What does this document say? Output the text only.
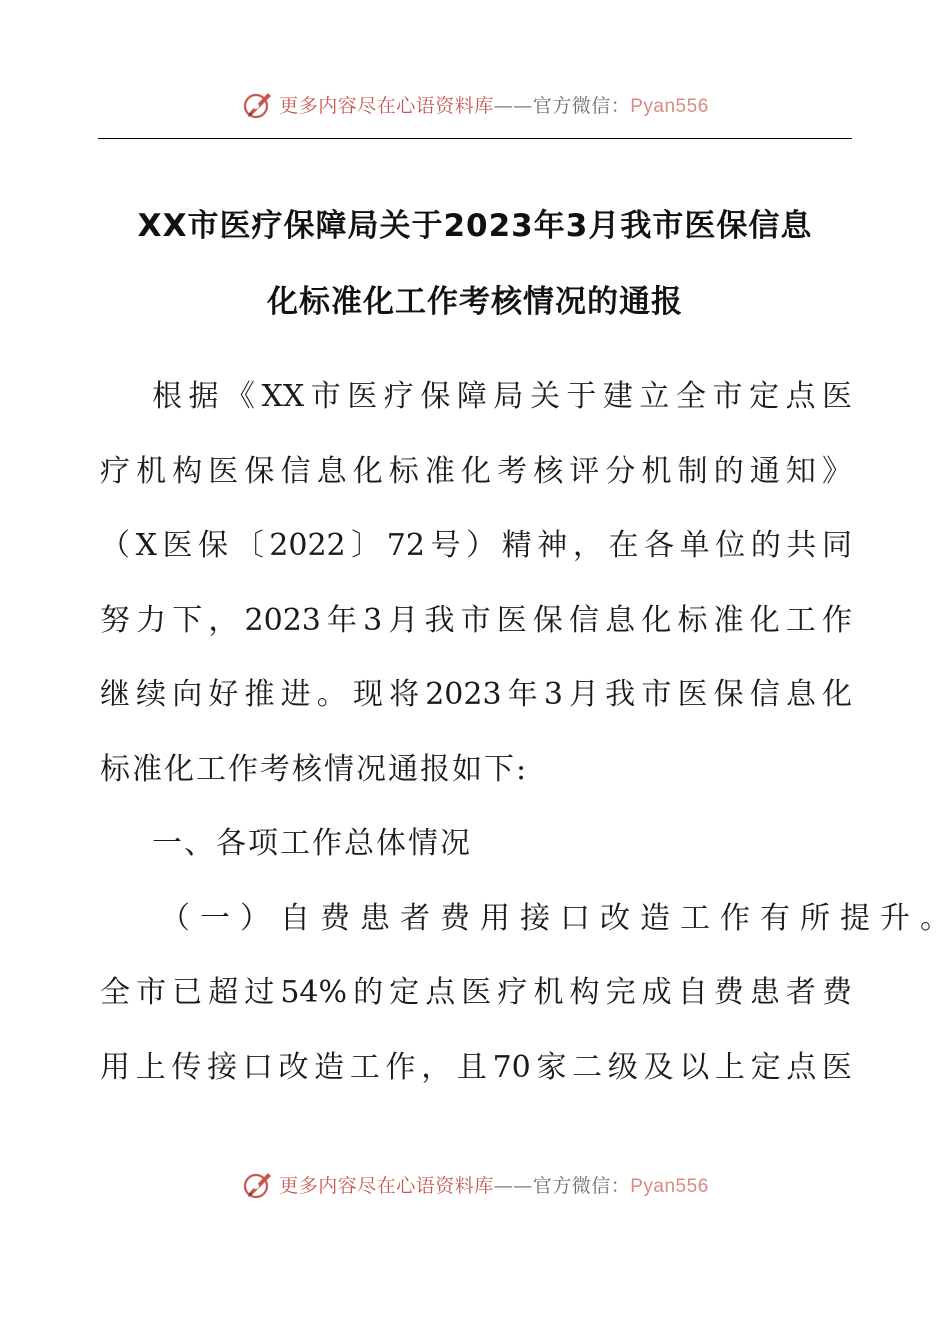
更多内容尽在心语资料库——官方微信：Pyan556
XX市医疗保障局关于2023年3月我市医保信息
化标准化工作考核情况的通报
根据《XX市医疗保障局关于建立全市定点医
疗机构医保信息化标准化考核评分机制的通知》
（X医保〔2022〕72号）精神，在各单位的共同
努力下，2023年3月我市医保信息化标准化工作
继续向好推进。现将2023年3月我市医保信息化
标准化工作考核情况通报如下:
一、各项工作总体情况
（一）自费患者费用接口改造工作有所提升。
全市已超过54%的定点医疗机构完成自费患者费
用上传接口改造工作，且70家二级及以上定点医
更多内容尽在心语资料库——官方微信：Pyan556
